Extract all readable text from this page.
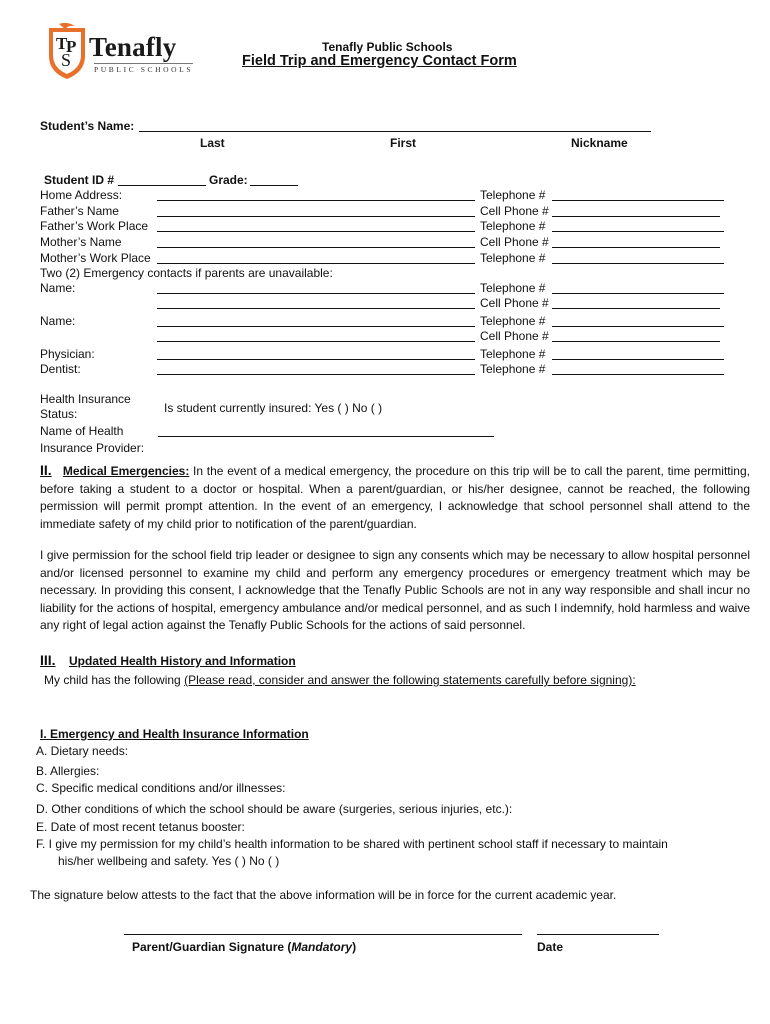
T
P
S Tenafly
PUBLIC SCHOOLS
Tenafly Public Schools
Field Trip and Emergency Contact Form
Student’s Name:
Last	First	Nickname
Student ID #	Grade:
Home Address:	Telephone #
Father’s Name	Cell Phone #
Father’s Work Place	Telephone #
Mother’s Name	Cell Phone #
Mother’s Work Place	Telephone #
Two (2) Emergency contacts if parents are unavailable:
Name:	Telephone #
Cell Phone #
Name:	Telephone #
Cell Phone #
Physician:	Telephone #
Dentist:	Telephone #
Health Insurance
Status:	Is student currently insured: Yes ( ) No ( )
Name of Health
Insurance Provider:
II. Medical Emergencies: In the event of a medical emergency, the procedure on this trip will be to call the parent, time permitting, before taking a student to a doctor or hospital. When a parent/guardian, or his/her designee, cannot be reached, the following permission will permit prompt attention. In the event of an emergency, I acknowledge that school personnel shall attend to the immediate safety of my child prior to notification of the parent/guardian.
I give permission for the school field trip leader or designee to sign any consents which may be necessary to allow hospital personnel and/or licensed personnel to examine my child and perform any emergency procedures or emergency treatment which may be necessary. In providing this consent, I acknowledge that the Tenafly Public Schools are not in any way responsible and shall incur no liability for the actions of hospital, emergency ambulance and/or medical personnel, and as such I indemnify, hold harmless and waive any right of legal action against the Tenafly Public Schools for the actions of said personnel.
III. Updated Health History and Information
My child has the following (Please read, consider and answer the following statements carefully before signing):
I. Emergency and Health Insurance Information
A. Dietary needs:
B. Allergies:
C. Specific medical conditions and/or illnesses:
D. Other conditions of which the school should be aware (surgeries, serious injuries, etc.):
E. Date of most recent tetanus booster:
F. I give my permission for my child’s health information to be shared with pertinent school staff if necessary to maintain
his/her wellbeing and safety. Yes ( ) No ( )
The signature below attests to the fact that the above information will be in force for the current academic year.
Parent/Guardian Signature (Mandatory)	Date
